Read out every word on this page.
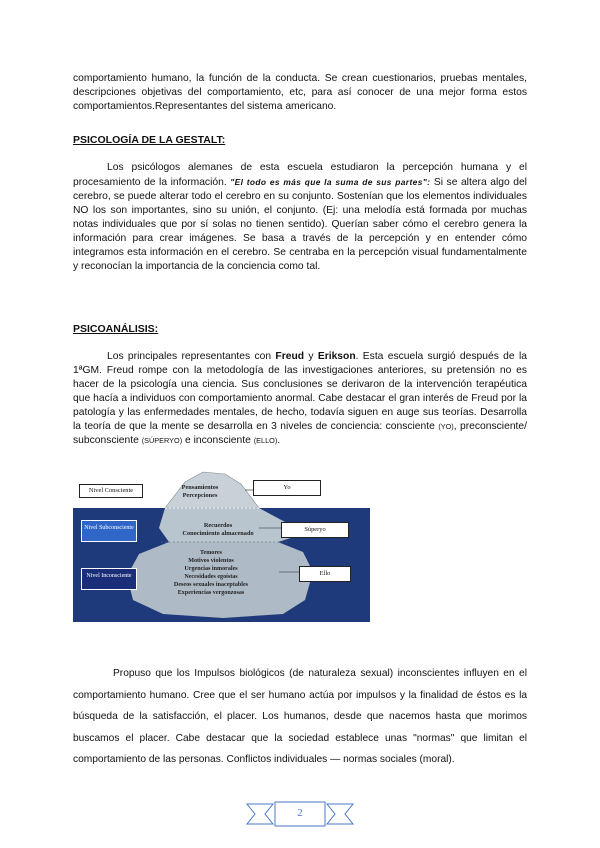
comportamiento humano, la función de la conducta. Se crean cuestionarios, pruebas mentales, descripciones objetivas del comportamiento, etc, para así conocer de una mejor forma estos comportamientos.Representantes del sistema americano.

PSICOLOGÍA DE LA GESTALT:

Los psicólogos alemanes de esta escuela estudiaron la percepción humana y el procesamiento de la información. "El todo es más que la suma de sus partes": Si se altera algo del cerebro, se puede alterar todo el cerebro en su conjunto. Sostenían que los elementos individuales NO los son importantes, sino su unión, el conjunto. (Ej: una melodía está formada por muchas notas individuales que por sí solas no tienen sentido). Querían saber cómo el cerebro genera la información para crear imágenes. Se basa a través de la percepción y en entender cómo integramos esta información en el cerebro. Se centraba en la percepción visual fundamentalmente y reconocían la importancia de la conciencia como tal.

PSICOANÁLISIS:

Los principales representantes con Freud y Erikson. Esta escuela surgió después de la 1ªGM. Freud rompe con la metodología de las investigaciones anteriores, su pretensión no es hacer de la psicología una ciencia. Sus conclusiones se derivaron de la intervención terapéutica que hacía a individuos con comportamiento anormal. Cabe destacar el gran interés de Freud por la patología y las enfermedades mentales, de hecho, todavía siguen en auge sus teorías. Desarrolla la teoría de que la mente se desarrolla en 3 niveles de conciencia: consciente (YO), preconsciente/ subconsciente (SÚPERYO) e inconsciente (ELLO).

Nivel Consciente
Nivel Subconsciente
Nivel Inconsciente
Pensamientos
Percepciones
Recuerdos
Conocimiento almacenado
Temores
Motivos violentos
Urgencias inmorales
Necesidades egoístas
Deseos sexuales inaceptables
Experiencias vergonzosas
Yo
Súperyo
Ello

Propuso que los Impulsos biológicos (de naturaleza sexual) inconscientes influyen en el comportamiento humano. Cree que el ser humano actúa por impulsos y la finalidad de éstos es la búsqueda de la satisfacción, el placer. Los humanos, desde que nacemos hasta que morimos buscamos el placer. Cabe destacar que la sociedad establece unas "normas" que limitan el comportamiento de las personas. Conflictos individuales — normas sociales (moral).

2
